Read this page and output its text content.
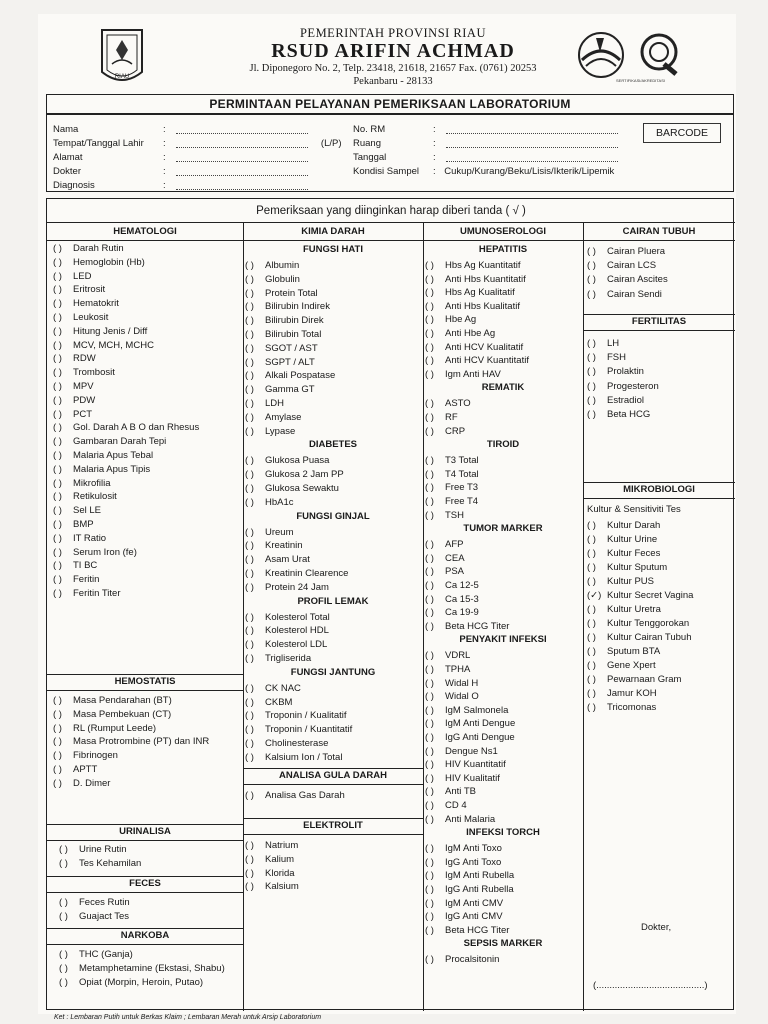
RIAU
PEMERINTAH PROVINSI RIAU
RSUD ARIFIN ACHMAD
Jl. Diponegoro No. 2, Telp. 23418, 21618, 21657 Fax. (0761) 20253
Pekanbaru - 28133	SERTIFIKASI/AKREDITASI
PERMINTAAN PELAYANAN PEMERIKSAAN LABORATORIUM
Nama	:
Tempat/Tanggal Lahir :	(L/P)
Alamat	:
Dokter	:
Diagnosis	:
No. RM	:
Ruang	:
Tanggal	:
Kondisi Sampel : Cukup/Kurang/Beku/Lisis/Ikterik/Lipemik
BARCODE
Pemeriksaan yang diinginkan harap diberi tanda ( √ )
HEMATOLOGI
( ) Darah Rutin
( ) Hemoglobin (Hb)
( ) LED
( ) Eritrosit
( ) Hematokrit
( ) Leukosit
( ) Hitung Jenis / Diff
( ) MCV, MCH, MCHC
( ) RDW
( ) Trombosit
( ) MPV
( ) PDW
( ) PCT
( ) Gol. Darah A B O dan Rhesus
( ) Gambaran Darah Tepi
( ) Malaria Apus Tebal
( ) Malaria Apus Tipis
( ) Mikrofilia
( ) Retikulosit
( ) Sel LE
( ) BMP
( ) IT Ratio
( ) Serum Iron (fe)
( ) TI BC
( ) Feritin
( ) Feritin Titer
HEMOSTATIS
( ) Masa Pendarahan (BT)
( ) Masa Pembekuan (CT)
( ) RL (Rumput Leede)
( ) Masa Protrombine (PT) dan INR
( ) Fibrinogen
( ) APTT
( ) D. Dimer
URINALISA
( ) Urine Rutin
( ) Tes Kehamilan
FECES
( ) Feces Rutin
( ) Guajact Tes
NARKOBA
( ) THC (Ganja)
( ) Metamphetamine (Ekstasi, Shabu)
( ) Opiat (Morpin, Heroin, Putao)
KIMIA DARAH
FUNGSI HATI
( ) Albumin
( ) Globulin
( ) Protein Total
( ) Bilirubin Indirek
( ) Bilirubin Direk
( ) Bilirubin Total
( ) SGOT / AST
( ) SGPT / ALT
( ) Alkali Pospatase
( ) Gamma GT
( ) LDH
( ) Amylase
( ) Lypase
DIABETES
( ) Glukosa Puasa
( ) Glukosa 2 Jam PP
( ) Glukosa Sewaktu
( ) HbA1c
FUNGSI GINJAL
( ) Ureum
( ) Kreatinin
( ) Asam Urat
( ) Kreatinin Clearence
( ) Protein 24 Jam
PROFIL LEMAK
( ) Kolesterol Total
( ) Kolesterol HDL
( ) Kolesterol LDL
( ) Trigliserida
FUNGSI JANTUNG
( ) CK NAC
( ) CKBM
( ) Troponin / Kualitatif
( ) Troponin / Kuantitatif
( ) Cholinesterase
( ) Kalsium Ion / Total
ANALISA GULA DARAH
( ) Analisa Gas Darah
ELEKTROLIT
( ) Natrium
( ) Kalium
( ) Klorida
( ) Kalsium
UMUNOSEROLOGI
HEPATITIS
( ) Hbs Ag Kuantitatif
( ) Anti Hbs Kuantitatif
( ) Hbs Ag Kualitatif
( ) Anti Hbs Kualitatif
( ) Hbe Ag
( ) Anti Hbe Ag
( ) Anti HCV Kualitatif
( ) Anti HCV Kuantitatif
( ) Igm Anti HAV
REMATIK
( ) ASTO
( ) RF
( ) CRP
TIROID
( ) T3 Total
( ) T4 Total
( ) Free T3
( ) Free T4
( ) TSH
TUMOR MARKER
( ) AFP
( ) CEA
( ) PSA
( ) Ca 12-5
( ) Ca 15-3
( ) Ca 19-9
( ) Beta HCG Titer
PENYAKIT INFEKSI
( ) VDRL
( ) TPHA
( ) Widal H
( ) Widal O
( ) IgM Salmonela
( ) IgM Anti Dengue
( ) IgG Anti Dengue
( ) Dengue Ns1
( ) HIV Kuantitatif
( ) HIV Kualitatif
( ) Anti TB
( ) CD 4
( ) Anti Malaria
INFEKSI TORCH
( ) IgM Anti Toxo
( ) IgG Anti Toxo
( ) IgM Anti Rubella
( ) IgG Anti Rubella
( ) IgM Anti CMV
( ) IgG Anti CMV
( ) Beta HCG Titer
SEPSIS MARKER
( ) Procalsitonin
CAIRAN TUBUH
( ) Cairan Pluera
( ) Cairan LCS
( ) Cairan Ascites
( ) Cairan Sendi
FERTILITAS
( ) LH
( ) FSH
( ) Prolaktin
( ) Progesteron
( ) Estradiol
( ) Beta HCG
MIKROBIOLOGI
Kultur & Sensitiviti Tes
( ) Kultur Darah
( ) Kultur Urine
( ) Kultur Feces
( ) Kultur Sputum
( ) Kultur PUS
(✓) Kultur Secret Vagina
( ) Kultur Uretra
( ) Kultur Tenggorokan
( ) Kultur Cairan Tubuh
( ) Sputum BTA
( ) Gene Xpert
( ) Pewarnaan Gram
( ) Jamur KOH
( ) Tricomonas
Dokter,
(.........................................)
Ket : Lembaran Putih untuk Berkas Klaim ; Lembaran Merah untuk Arsip Laboratorium
